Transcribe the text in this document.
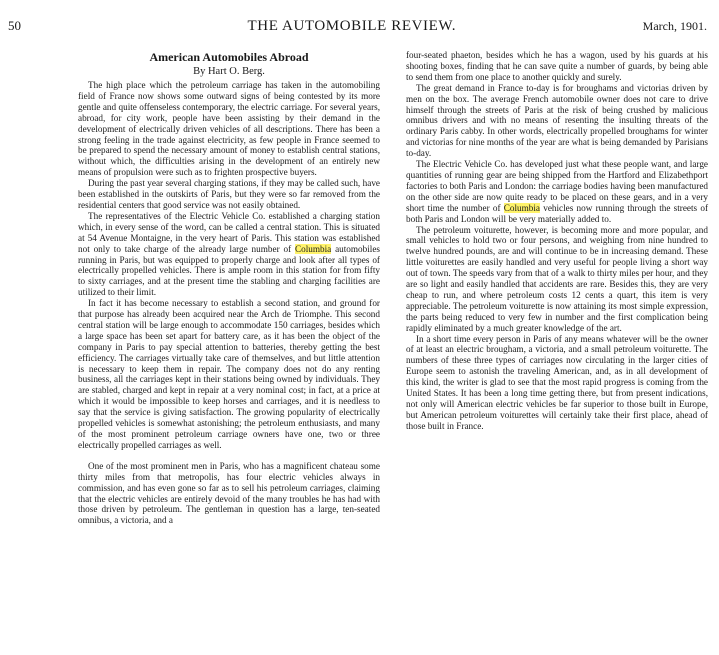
50	THE AUTOMOBILE REVIEW.	March, 1901.
American Automobiles Abroad
By Hart O. Berg.

The high place which the petroleum carriage has taken in the automobiling field of France now shows some outward signs of being contested by its more gentle and quite offenseless contemporary, the electric carriage. For several years, abroad, for city work, people have been assisting by their demand in the development of electrically driven vehicles of all descriptions. There has been a strong feeling in the trade against electricity, as few people in France seemed to be prepared to spend the necessary amount of money to establish central stations, without which, the difficulties arising in the development of an entirely new means of propulsion were such as to frighten prospective buyers.

During the past year several charging stations, if they may be called such, have been established in the outskirts of Paris, but they were so far removed from the residential centers that good service was not easily obtained.

The representatives of the Electric Vehicle Co. established a charging station which, in every sense of the word, can be called a central station. This is situated at 54 Avenue Montaigne, in the very heart of Paris. This station was established not only to take charge of the already large number of Columbia automobiles running in Paris, but was equipped to properly charge and look after all types of electrically propelled vehicles. There is ample room in this station for from fifty to sixty carriages, and at the present time the stabling and charging facilities are utilized to their limit.

In fact it has become necessary to establish a second station, and ground for that purpose has already been acquired near the Arch de Triomphe. This second central station will be large enough to accommodate 150 carriages, besides which a large space has been set apart for battery care, as it has been the object of the company in Paris to pay special attention to batteries, thereby getting the best efficiency. The carriages virtually take care of themselves, and but little attention is necessary to keep them in repair. The company does not do any renting business, all the carriages kept in their stations being owned by individuals. They are stabled, charged and kept in repair at a very nominal cost; in fact, at a price at which it would be impossible to keep horses and carriages, and it is needless to say that the service is giving satisfaction. The growing popularity of electrically propelled vehicles is somewhat astonishing; the petroleum enthusiasts, and many of the most prominent petroleum carriage owners have one, two or three electrically propelled carriages as well.

One of the most prominent men in Paris, who has a magnificent chateau some thirty miles from that metropolis, has four electric vehicles always in commission, and has even gone so far as to sell his petroleum carriages, claiming that the electric vehicles are entirely devoid of the many troubles he has had with those driven by petroleum. The gentleman in question has a large, ten-seated omnibus, a victoria, and a

four-seated phaeton, besides which he has a wagon, used by his guards at his shooting boxes, finding that he can save quite a number of guards, by being able to send them from one place to another quickly and surely.

The great demand in France to-day is for broughams and victorias driven by men on the box. The average French automobile owner does not care to drive himself through the streets of Paris at the risk of being crushed by malicious omnibus drivers and with no means of resenting the insulting threats of the ordinary Paris cabby. In other words, electrically propelled broughams for winter and victorias for nine months of the year are what is being demanded by Parisians to-day.

The Electric Vehicle Co. has developed just what these people want, and large quantities of running gear are being shipped from the Hartford and Elizabethport factories to both Paris and London: the carriage bodies having been manufactured on the other side are now quite ready to be placed on these gears, and in a very short time the number of Columbia vehicles now running through the streets of both Paris and London will be very materially added to.

The petroleum voiturette, however, is becoming more and more popular, and small vehicles to hold two or four persons, and weighing from nine hundred to twelve hundred pounds, are and will continue to be in increasing demand. These little voiturettes are easily handled and very useful for people living a short way out of town. The speeds vary from that of a walk to thirty miles per hour, and they are so light and easily handled that accidents are rare. Besides this, they are very cheap to run, and where petroleum costs 12 cents a quart, this item is very appreciable. The petroleum voiturette is now attaining its most simple expression, the parts being reduced to very few in number and the first complication being rapidly eliminated by a much greater knowledge of the art.

In a short time every person in Paris of any means whatever will be the owner of at least an electric brougham, a victoria, and a small petroleum voiturette. The numbers of these three types of carriages now circulating in the larger cities of Europe seem to astonish the traveling American, and, as in all development of this kind, the writer is glad to see that the most rapid progress is coming from the United States. It has been a long time getting there, but from present indications, not only will American electric vehicles be far superior to those built in Europe, but American petroleum voiturettes will certainly take their first place, ahead of those built in France.
